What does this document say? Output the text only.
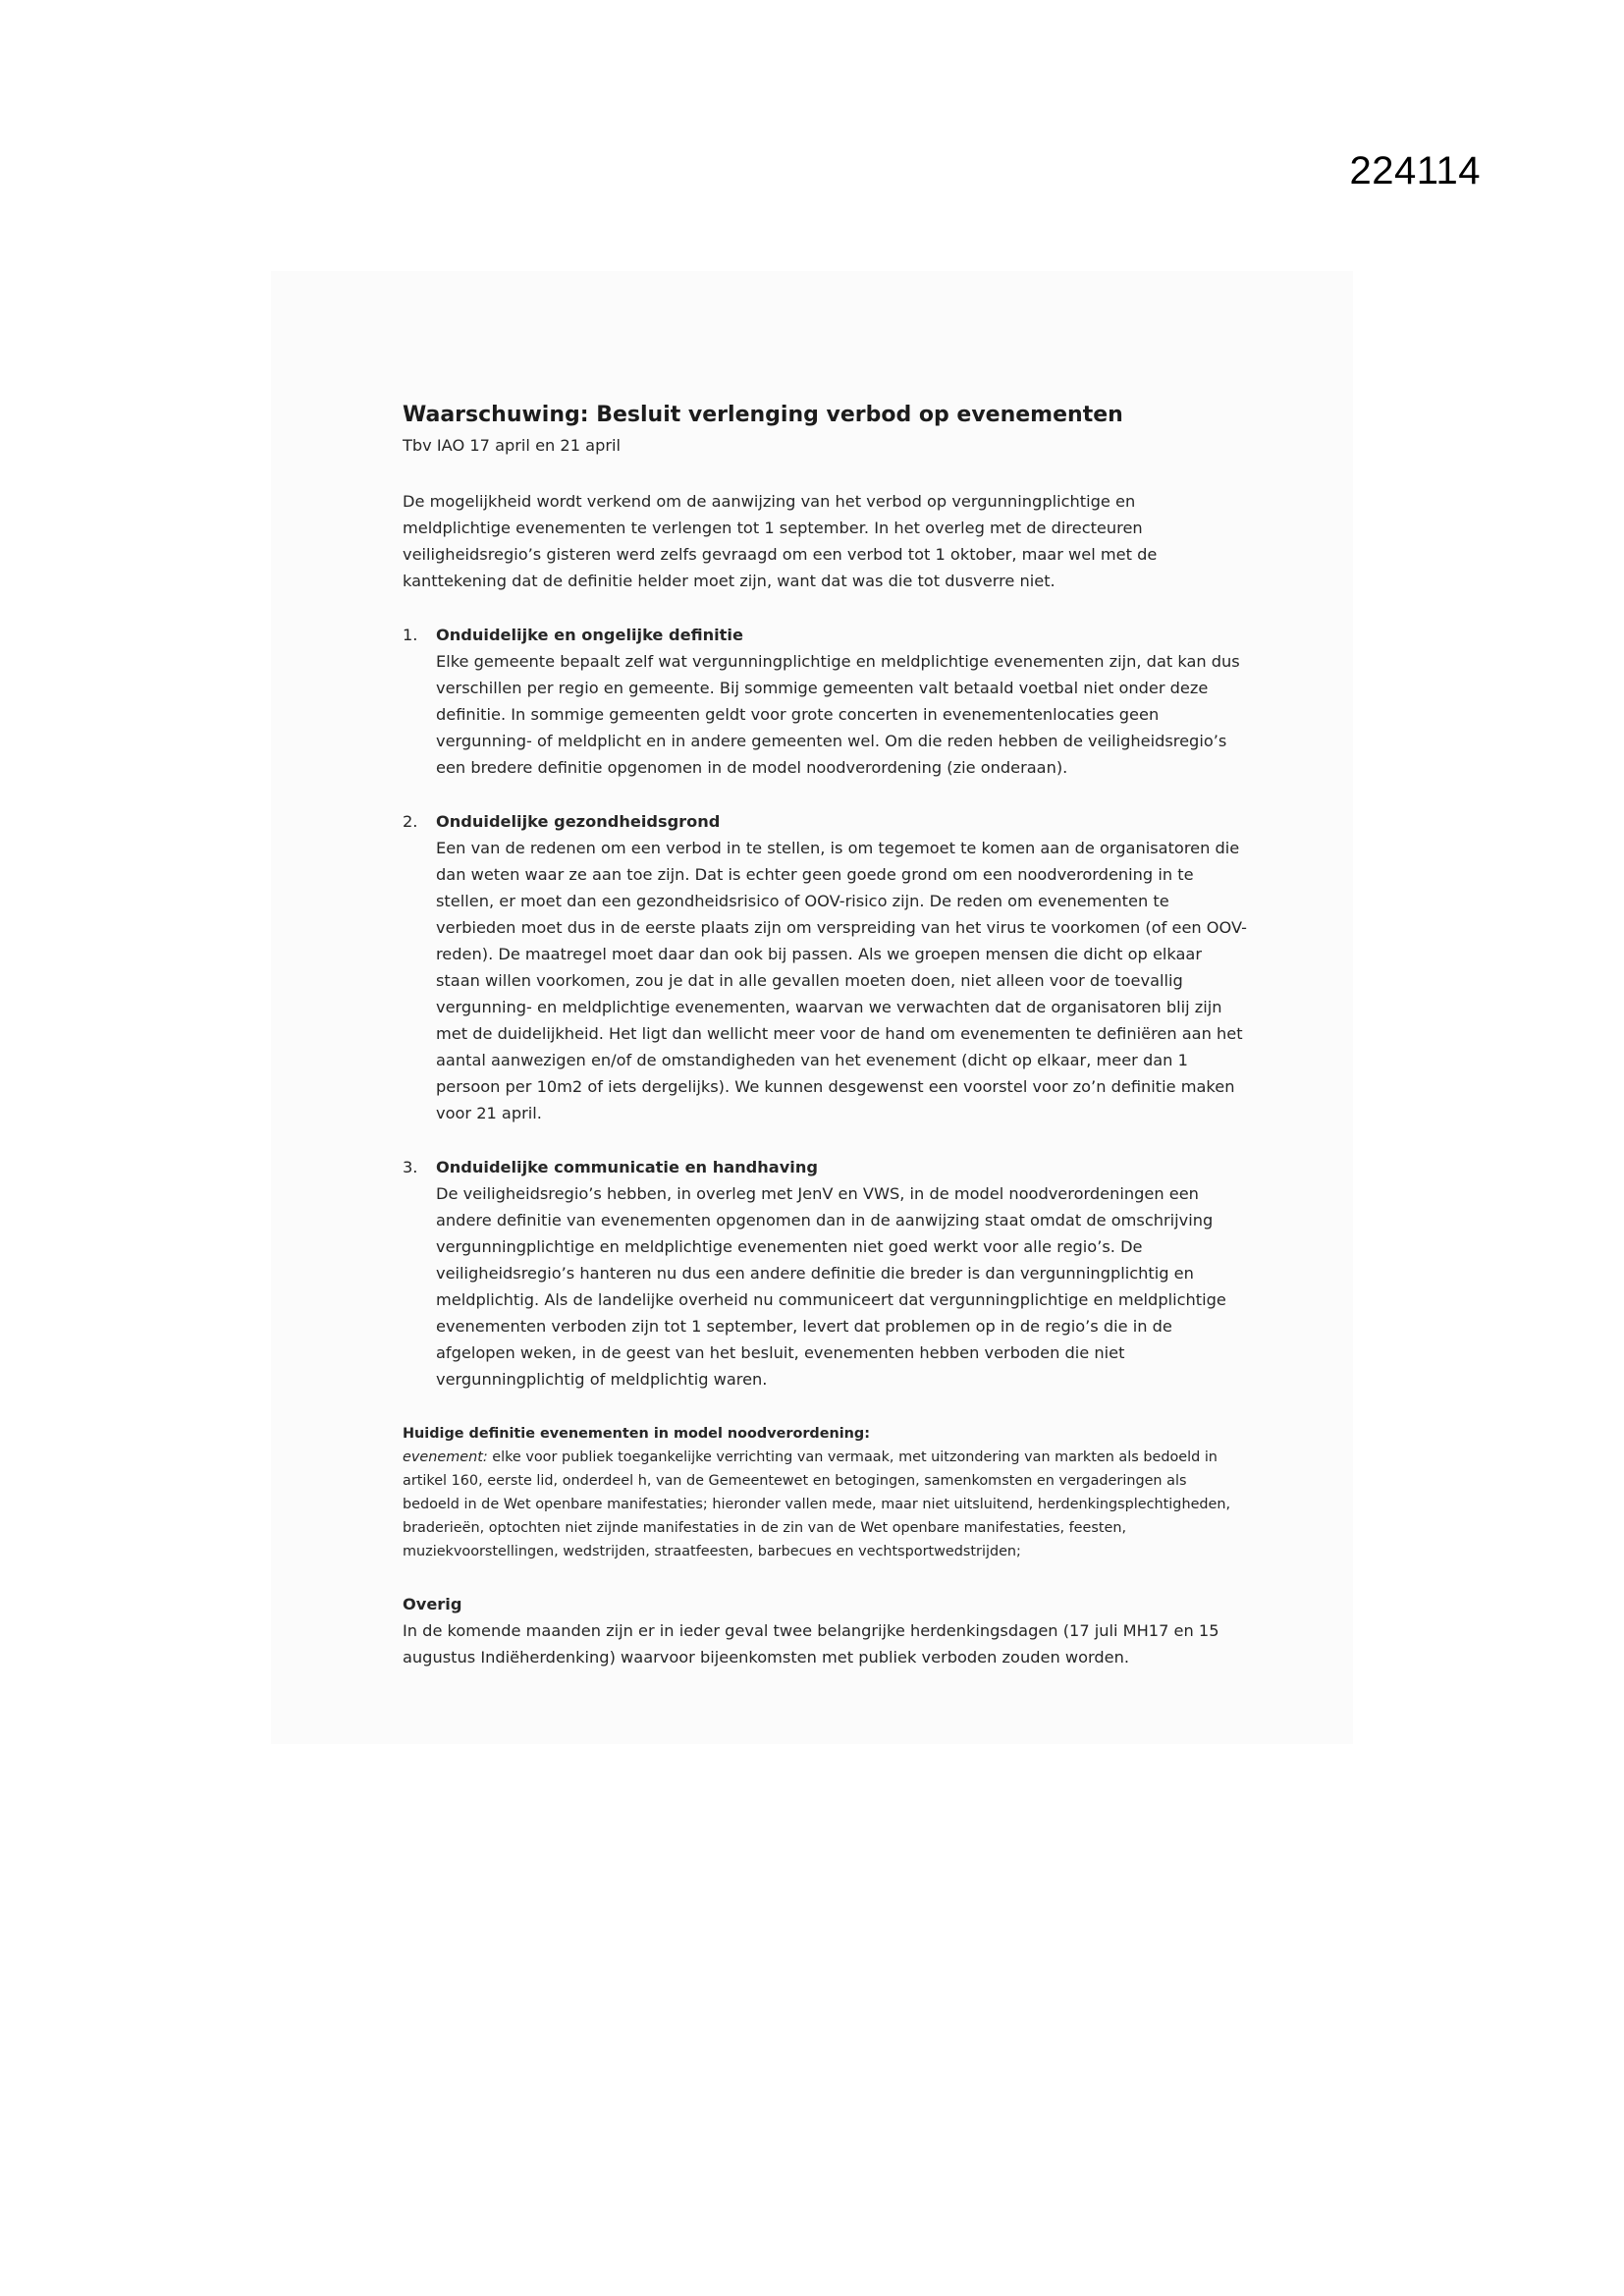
224114
Waarschuwing: Besluit verlenging verbod op evenementen

Tbv IAO 17 april en 21 april

De mogelijkheid wordt verkend om de aanwijzing van het verbod op vergunningplichtige en meldplichtige evenementen te verlengen tot 1 september. In het overleg met de directeuren veiligheidsregio’s gisteren werd zelfs gevraagd om een verbod tot 1 oktober, maar wel met de kanttekening dat de definitie helder moet zijn, want dat was die tot dusverre niet.

1. Onduidelijke en ongelijke definitie

Elke gemeente bepaalt zelf wat vergunningplichtige en meldplichtige evenementen zijn, dat kan dus verschillen per regio en gemeente. Bij sommige gemeenten valt betaald voetbal niet onder deze definitie. In sommige gemeenten geldt voor grote concerten in evenementenlocaties geen vergunning- of meldplicht en in andere gemeenten wel. Om die reden hebben de veiligheidsregio’s een bredere definitie opgenomen in de model noodverordening (zie onderaan).

2. Onduidelijke gezondheidsgrond

Een van de redenen om een verbod in te stellen, is om tegemoet te komen aan de organisatoren die dan weten waar ze aan toe zijn. Dat is echter geen goede grond om een noodverordening in te stellen, er moet dan een gezondheidsrisico of OOV-risico zijn. De reden om evenementen te verbieden moet dus in de eerste plaats zijn om verspreiding van het virus te voorkomen (of een OOV-reden). De maatregel moet daar dan ook bij passen. Als we groepen mensen die dicht op elkaar staan willen voorkomen, zou je dat in alle gevallen moeten doen, niet alleen voor de toevallig vergunning- en meldplichtige evenementen, waarvan we verwachten dat de organisatoren blij zijn met de duidelijkheid. Het ligt dan wellicht meer voor de hand om evenementen te definiëren aan het aantal aanwezigen en/of de omstandigheden van het evenement (dicht op elkaar, meer dan 1 persoon per 10m2 of iets dergelijks). We kunnen desgewenst een voorstel voor zo’n definitie maken voor 21 april.

3. Onduidelijke communicatie en handhaving

De veiligheidsregio’s hebben, in overleg met JenV en VWS, in de model noodverordeningen een andere definitie van evenementen opgenomen dan in de aanwijzing staat omdat de omschrijving vergunningplichtige en meldplichtige evenementen niet goed werkt voor alle regio’s. De veiligheidsregio’s hanteren nu dus een andere definitie die breder is dan vergunningplichtig en meldplichtig. Als de landelijke overheid nu communiceert dat vergunningplichtige en meldplichtige evenementen verboden zijn tot 1 september, levert dat problemen op in de regio’s die in de afgelopen weken, in de geest van het besluit, evenementen hebben verboden die niet vergunningplichtig of meldplichtig waren.

Huidige definitie evenementen in model noodverordening:

evenement: elke voor publiek toegankelijke verrichting van vermaak, met uitzondering van markten als bedoeld in artikel 160, eerste lid, onderdeel h, van de Gemeentewet en betogingen, samenkomsten en vergaderingen als bedoeld in de Wet openbare manifestaties; hieronder vallen mede, maar niet uitsluitend, herdenkingsplechtigheden, braderieën, optochten niet zijnde manifestaties in de zin van de Wet openbare manifestaties, feesten, muziekvoorstellingen, wedstrijden, straatfeesten, barbecues en vechtsportwedstrijden;

Overig

In de komende maanden zijn er in ieder geval twee belangrijke herdenkingsdagen (17 juli MH17 en 15 augustus Indiëherdenking) waarvoor bijeenkomsten met publiek verboden zouden worden.
